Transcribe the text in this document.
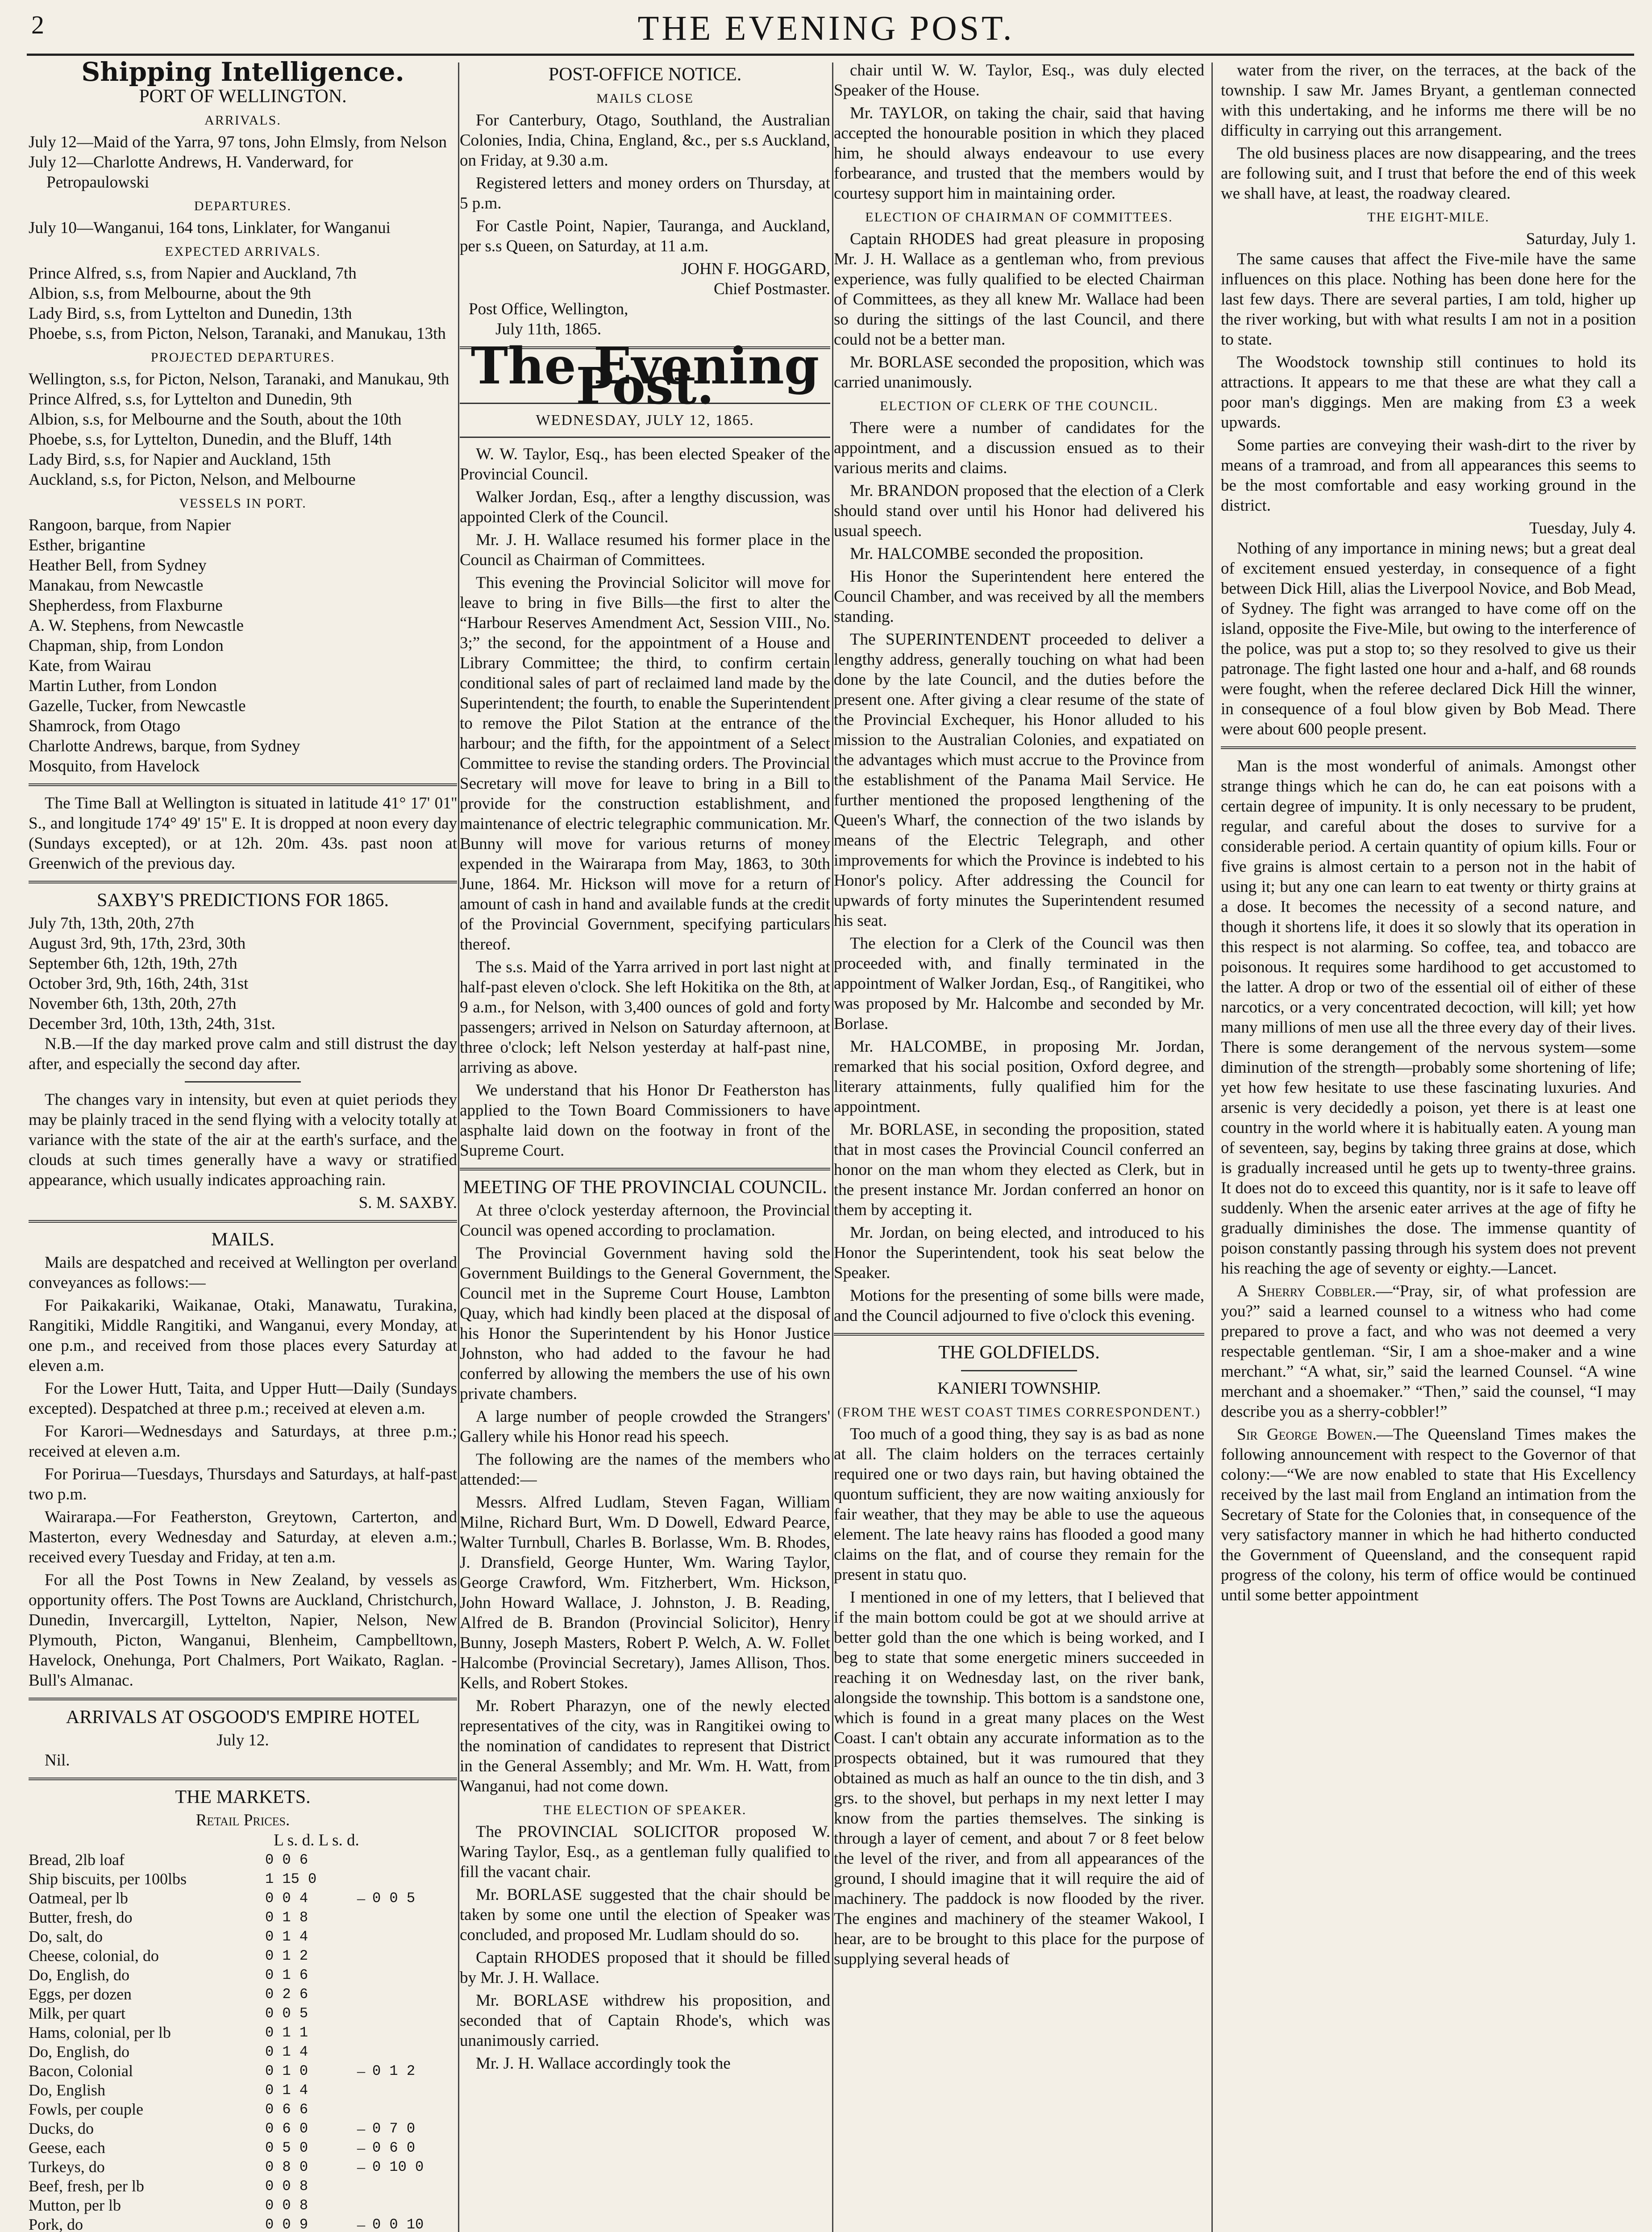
2	THE EVENING POST.
Shipping Intelligence.
PORT OF WELLINGTON.
ARRIVALS.
July 12—Maid of the Yarra, 97 tons, John Elmsly, from Nelson
July 12—Charlotte Andrews, H. Vanderward, for Petropaulowski
DEPARTURES.
July 10—Wanganui, 164 tons, Linklater, for Wanganui
EXPECTED ARRIVALS.
Prince Alfred, s.s, from Napier and Auckland, 7th
Albion, s.s, from Melbourne, about the 9th
Lady Bird, s.s, from Lyttelton and Dunedin, 13th
Phoebe, s.s, from Picton, Nelson, Taranaki, and Manukau, 13th
PROJECTED DEPARTURES.
Wellington, s.s, for Picton, Nelson, Taranaki, and Manukau, 9th
Prince Alfred, s.s, for Lyttelton and Dunedin, 9th
Albion, s.s, for Melbourne and the South, about the 10th
Phoebe, s.s, for Lyttelton, Dunedin, and the Bluff, 14th
Lady Bird, s.s, for Napier and Auckland, 15th
Auckland, s.s, for Picton, Nelson, and Melbourne
VESSELS IN PORT.
Rangoon, barque, from Napier
Esther, brigantine
Heather Bell, from Sydney
Manakau, from Newcastle
Shepherdess, from Flaxburne
A. W. Stephens, from Newcastle
Chapman, ship, from London
Kate, from Wairau
Martin Luther, from London
Gazelle, Tucker, from Newcastle
Shamrock, from Otago
Charlotte Andrews, barque, from Sydney
Mosquito, from Havelock

The Time Ball at Wellington is situated in latitude 41° 17' 01'' S., and longitude 174° 49' 15'' E. It is dropped at noon every day (Sundays excepted), or at 12h. 20m. 43s. past noon at Greenwich of the previous day.

SAXBY'S PREDICTIONS FOR 1865.
July 7th, 13th, 20th, 27th
August 3rd, 9th, 17th, 23rd, 30th
September 6th, 12th, 19th, 27th
October 3rd, 9th, 16th, 24th, 31st
November 6th, 13th, 20th, 27th
December 3rd, 10th, 13th, 24th, 31st.

N.B.—If the day marked prove calm and still distrust the day after, and especially the second day after.

The changes vary in intensity, but even at quiet periods they may be plainly traced in the send flying with a velocity totally at variance with the state of the air at the earth's surface, and the clouds at such times generally have a wavy or stratified appearance, which usually indicates approaching rain.

S. M. SAXBY.
MAILS.

Mails are despatched and received at Wellington per overland conveyances as follows:—

For Paikakariki, Waikanae, Otaki, Manawatu, Turakina, Rangitiki, Middle Rangitiki, and Wanganui, every Monday, at one p.m., and received from those places every Saturday at eleven a.m.

For the Lower Hutt, Taita, and Upper Hutt—Daily (Sundays excepted). Despatched at three p.m.; received at eleven a.m.

For Karori—Wednesdays and Saturdays, at three p.m.; received at eleven a.m.

For Porirua—Tuesdays, Thursdays and Saturdays, at half-past two p.m.

Wairarapa.—For Featherston, Greytown, Carterton, and Masterton, every Wednesday and Saturday, at eleven a.m.; received every Tuesday and Friday, at ten a.m.

For all the Post Towns in New Zealand, by vessels as opportunity offers. The Post Towns are Auckland, Christchurch, Dunedin, Invercargill, Lyttelton, Napier, Nelson, New Plymouth, Picton, Wanganui, Blenheim, Campbelltown, Havelock, Onehunga, Port Chalmers, Port Waikato, Raglan. - Bull's Almanac.

ARRIVALS AT OSGOOD'S EMPIRE HOTEL
July 12.

Nil.

THE MARKETS.
Retail Prices.
L s. d. L s. d.
Bread, 2lb loaf	0 0 6		
Ship biscuits, per 100lbs	1 15 0		
Oatmeal, per lb	0 0 4	–	0 0 5
Butter, fresh, do	0 1 8		
Do, salt, do	0 1 4		
Cheese, colonial, do	0 1 2		
Do, English, do	0 1 6		
Eggs, per dozen	0 2 6		
Milk, per quart	0 0 5		
Hams, colonial, per lb	0 1 1		
Do, English, do	0 1 4		
Bacon, Colonial	0 1 0	–	0 1 2
Do, English	0 1 4		
Fowls, per couple	0 6 6		
Ducks, do	0 6 0	–	0 7 0
Geese, each	0 5 0	–	0 6 0
Turkeys, do	0 8 0	–	0 10 0
Beef, fresh, per lb	0 0 8		
Mutton, per lb	0 0 8		
Pork, do	0 0 9	–	0 0 10

POST-OFFICE NOTICE.
MAILS CLOSE

For Canterbury, Otago, Southland, the Australian Colonies, India, China, England, &c., per s.s Auckland, on Friday, at 9.30 a.m.

Registered letters and money orders on Thursday, at 5 p.m.

For Castle Point, Napier, Tauranga, and Auckland, per s.s Queen, on Saturday, at 11 a.m.

JOHN F. HOGGARD,
Chief Postmaster.

Post Office, Wellington,

July 11th, 1865.

The Evening Post.
WEDNESDAY, JULY 12, 1865.

W. W. Taylor, Esq., has been elected Speaker of the Provincial Council.

Walker Jordan, Esq., after a lengthy discussion, was appointed Clerk of the Council.

Mr. J. H. Wallace resumed his former place in the Council as Chairman of Committees.

This evening the Provincial Solicitor will move for leave to bring in five Bills—the first to alter the “Harbour Reserves Amendment Act, Session VIII., No. 3;” the second, for the appointment of a House and Library Committee; the third, to confirm certain conditional sales of part of reclaimed land made by the Superintendent; the fourth, to enable the Superintendent to remove the Pilot Station at the entrance of the harbour; and the fifth, for the appointment of a Select Committee to revise the standing orders. The Provincial Secretary will move for leave to bring in a Bill to provide for the construction establishment, and maintenance of electric telegraphic communication. Mr. Bunny will move for various returns of money expended in the Wairarapa from May, 1863, to 30th June, 1864. Mr. Hickson will move for a return of amount of cash in hand and available funds at the credit of the Provincial Government, specifying particulars thereof.

The s.s. Maid of the Yarra arrived in port last night at half-past eleven o'clock. She left Hokitika on the 8th, at 9 a.m., for Nelson, with 3,400 ounces of gold and forty passengers; arrived in Nelson on Saturday afternoon, at three o'clock; left Nelson yesterday at half-past nine, arriving as above.

We understand that his Honor Dr Featherston has applied to the Town Board Commissioners to have asphalte laid down on the footway in front of the Supreme Court.

MEETING OF THE PROVINCIAL COUNCIL.

At three o'clock yesterday afternoon, the Provincial Council was opened according to proclamation.

The Provincial Government having sold the Government Buildings to the General Government, the Council met in the Supreme Court House, Lambton Quay, which had kindly been placed at the disposal of his Honor the Superintendent by his Honor Justice Johnston, who had added to the favour he had conferred by allowing the members the use of his own private chambers.

A large number of people crowded the Strangers' Gallery while his Honor read his speech.

The following are the names of the members who attended:—

Messrs. Alfred Ludlam, Steven Fagan, William Milne, Richard Burt, Wm. D Dowell, Edward Pearce, Walter Turnbull, Charles B. Borlasse, Wm. B. Rhodes, J. Dransfield, George Hunter, Wm. Waring Taylor, George Crawford, Wm. Fitzherbert, Wm. Hickson, John Howard Wallace, J. Johnston, J. B. Reading, Alfred de B. Brandon (Provincial Solicitor), Henry Bunny, Joseph Masters, Robert P. Welch, A. W. Follet Halcombe (Provincial Secretary), James Allison, Thos. Kells, and Robert Stokes.

Mr. Robert Pharazyn, one of the newly elected representatives of the city, was in Rangitikei owing to the nomination of candidates to represent that District in the General Assembly; and Mr. Wm. H. Watt, from Wanganui, had not come down.

THE ELECTION OF SPEAKER.

The PROVINCIAL SOLICITOR proposed W. Waring Taylor, Esq., as a gentleman fully qualified to fill the vacant chair.

Mr. BORLASE suggested that the chair should be taken by some one until the election of Speaker was concluded, and proposed Mr. Ludlam should do so.

Captain RHODES proposed that it should be filled by Mr. J. H. Wallace.

Mr. BORLASE withdrew his proposition, and seconded that of Captain Rhode's, which was unanimously carried.

Mr. J. H. Wallace accordingly took the

chair until W. W. Taylor, Esq., was duly elected Speaker of the House.

Mr. TAYLOR, on taking the chair, said that having accepted the honourable position in which they placed him, he should always endeavour to use every forbearance, and trusted that the members would by courtesy support him in maintaining order.

ELECTION OF CHAIRMAN OF COMMITTEES.

Captain RHODES had great pleasure in proposing Mr. J. H. Wallace as a gentleman who, from previous experience, was fully qualified to be elected Chairman of Committees, as they all knew Mr. Wallace had been so during the sittings of the last Council, and there could not be a better man.

Mr. BORLASE seconded the proposition, which was carried unanimously.

ELECTION OF CLERK OF THE COUNCIL.

There were a number of candidates for the appointment, and a discussion ensued as to their various merits and claims.

Mr. BRANDON proposed that the election of a Clerk should stand over until his Honor had delivered his usual speech.

Mr. HALCOMBE seconded the proposition.

His Honor the Superintendent here entered the Council Chamber, and was received by all the members standing.

The SUPERINTENDENT proceeded to deliver a lengthy address, generally touching on what had been done by the late Council, and the duties before the present one. After giving a clear resume of the state of the Provincial Exchequer, his Honor alluded to his mission to the Australian Colonies, and expatiated on the advantages which must accrue to the Province from the establishment of the Panama Mail Service. He further mentioned the proposed lengthening of the Queen's Wharf, the connection of the two islands by means of the Electric Telegraph, and other improvements for which the Province is indebted to his Honor's policy. After addressing the Council for upwards of forty minutes the Superintendent resumed his seat.

The election for a Clerk of the Council was then proceeded with, and finally terminated in the appointment of Walker Jordan, Esq., of Rangitikei, who was proposed by Mr. Halcombe and seconded by Mr. Borlase.

Mr. HALCOMBE, in proposing Mr. Jordan, remarked that his social position, Oxford degree, and literary attainments, fully qualified him for the appointment.

Mr. BORLASE, in seconding the proposition, stated that in most cases the Provincial Council conferred an honor on the man whom they elected as Clerk, but in the present instance Mr. Jordan conferred an honor on them by accepting it.

Mr. Jordan, on being elected, and introduced to his Honor the Superintendent, took his seat below the Speaker.

Motions for the presenting of some bills were made, and the Council adjourned to five o'clock this evening.

THE GOLDFIELDS.
KANIERI TOWNSHIP.
(FROM THE WEST COAST TIMES CORRESPONDENT.)

Too much of a good thing, they say is as bad as none at all. The claim holders on the terraces certainly required one or two days rain, but having obtained the quontum sufficient, they are now waiting anxiously for fair weather, that they may be able to use the aqueous element. The late heavy rains has flooded a good many claims on the flat, and of course they remain for the present in statu quo.

I mentioned in one of my letters, that I believed that if the main bottom could be got at we should arrive at better gold than the one which is being worked, and I beg to state that some energetic miners succeeded in reaching it on Wednesday last, on the river bank, alongside the township. This bottom is a sandstone one, which is found in a great many places on the West Coast. I can't obtain any accurate information as to the prospects obtained, but it was rumoured that they obtained as much as half an ounce to the tin dish, and 3 grs. to the shovel, but perhaps in my next letter I may know from the parties themselves. The sinking is through a layer of cement, and about 7 or 8 feet below the level of the river, and from all appearances of the ground, I should imagine that it will require the aid of machinery. The paddock is now flooded by the river. The engines and machinery of the steamer Wakool, I hear, are to be brought to this place for the purpose of supplying several heads of

water from the river, on the terraces, at the back of the township. I saw Mr. James Bryant, a gentleman connected with this undertaking, and he informs me there will be no difficulty in carrying out this arrangement.

The old business places are now disappearing, and the trees are following suit, and I trust that before the end of this week we shall have, at least, the roadway cleared.

THE EIGHT-MILE.
Saturday, July 1.

The same causes that affect the Five-mile have the same influences on this place. Nothing has been done here for the last few days. There are several parties, I am told, higher up the river working, but with what results I am not in a position to state.

The Woodstock township still continues to hold its attractions. It appears to me that these are what they call a poor man's diggings. Men are making from £3 a week upwards.

Some parties are conveying their wash-dirt to the river by means of a tramroad, and from all appearances this seems to be the most comfortable and easy working ground in the district.

Tuesday, July 4.

Nothing of any importance in mining news; but a great deal of excitement ensued yesterday, in consequence of a fight between Dick Hill, alias the Liverpool Novice, and Bob Mead, of Sydney. The fight was arranged to have come off on the island, opposite the Five-Mile, but owing to the interference of the police, was put a stop to; so they resolved to give us their patronage. The fight lasted one hour and a-half, and 68 rounds were fought, when the referee declared Dick Hill the winner, in consequence of a foul blow given by Bob Mead. There were about 600 people present.

Man is the most wonderful of animals. Amongst other strange things which he can do, he can eat poisons with a certain degree of impunity. It is only necessary to be prudent, regular, and careful about the doses to survive for a considerable period. A certain quantity of opium kills. Four or five grains is almost certain to a person not in the habit of using it; but any one can learn to eat twenty or thirty grains at a dose. It becomes the necessity of a second nature, and though it shortens life, it does it so slowly that its operation in this respect is not alarming. So coffee, tea, and tobacco are poisonous. It requires some hardihood to get accustomed to the latter. A drop or two of the essential oil of either of these narcotics, or a very concentrated decoction, will kill; yet how many millions of men use all the three every day of their lives. There is some derangement of the nervous system—some diminution of the strength—probably some shortening of life; yet how few hesitate to use these fascinating luxuries. And arsenic is very decidedly a poison, yet there is at least one country in the world where it is habitually eaten. A young man of seventeen, say, begins by taking three grains at dose, which is gradually increased until he gets up to twenty-three grains. It does not do to exceed this quantity, nor is it safe to leave off suddenly. When the arsenic eater arrives at the age of fifty he gradually diminishes the dose. The immense quantity of poison constantly passing through his system does not prevent his reaching the age of seventy or eighty.—Lancet.

A Sherry Cobbler.—“Pray, sir, of what profession are you?” said a learned counsel to a witness who had come prepared to prove a fact, and who was not deemed a very respectable gentleman. “Sir, I am a shoe-maker and a wine merchant.” “A what, sir,” said the learned Counsel. “A wine merchant and a shoemaker.” “Then,” said the counsel, “I may describe you as a sherry-cobbler!”

Sir George Bowen.—The Queensland Times makes the following announcement with respect to the Governor of that colony:—“We are now enabled to state that His Excellency received by the last mail from England an intimation from the Secretary of State for the Colonies that, in consequence of the very satisfactory manner in which he had hitherto conducted the Government of Queensland, and the consequent rapid progress of the colony, his term of office would be continued until some better appointment
